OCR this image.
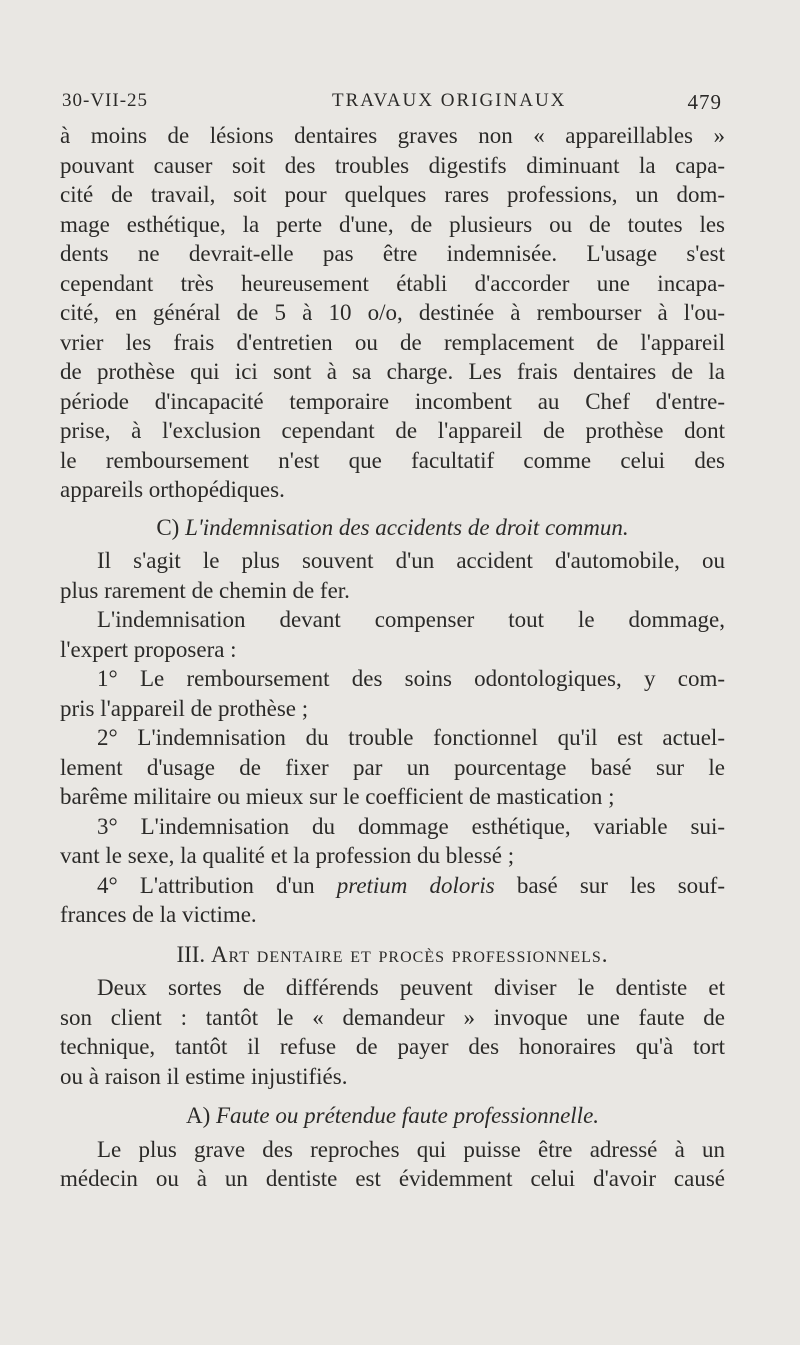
30-VII-25	TRAVAUX ORIGINAUX	479

à moins de lésions dentaires graves non « appareillables »

pouvant causer soit des troubles digestifs diminuant la capa-

cité de travail, soit pour quelques rares professions, un dom-

mage esthétique, la perte d'une, de plusieurs ou de toutes les

dents ne devrait-elle pas être indemnisée. L'usage s'est

cependant très heureusement établi d'accorder une incapa-

cité, en général de 5 à 10 o/o, destinée à rembourser à l'ou-

vrier les frais d'entretien ou de remplacement de l'appareil

de prothèse qui ici sont à sa charge. Les frais dentaires de la

période d'incapacité temporaire incombent au Chef d'entre-

prise, à l'exclusion cependant de l'appareil de prothèse dont

le remboursement n'est que facultatif comme celui des

appareils orthopédiques.

C) L'indemnisation des accidents de droit commun.

Il s'agit le plus souvent d'un accident d'automobile, ou

plus rarement de chemin de fer.

L'indemnisation devant compenser tout le dommage,

l'expert proposera :

1° Le remboursement des soins odontologiques, y com-

pris l'appareil de prothèse ;

2° L'indemnisation du trouble fonctionnel qu'il est actuel-

lement d'usage de fixer par un pourcentage basé sur le

barême militaire ou mieux sur le coefficient de mastication ;

3° L'indemnisation du dommage esthétique, variable sui-

vant le sexe, la qualité et la profession du blessé ;

4° L'attribution d'un pretium doloris basé sur les souf-

frances de la victime.

III. Art dentaire et procès professionnels.

Deux sortes de différends peuvent diviser le dentiste et

son client : tantôt le « demandeur » invoque une faute de

technique, tantôt il refuse de payer des honoraires qu'à tort

ou à raison il estime injustifiés.

A) Faute ou prétendue faute professionnelle.

Le plus grave des reproches qui puisse être adressé à un

médecin ou à un dentiste est évidemment celui d'avoir causé
